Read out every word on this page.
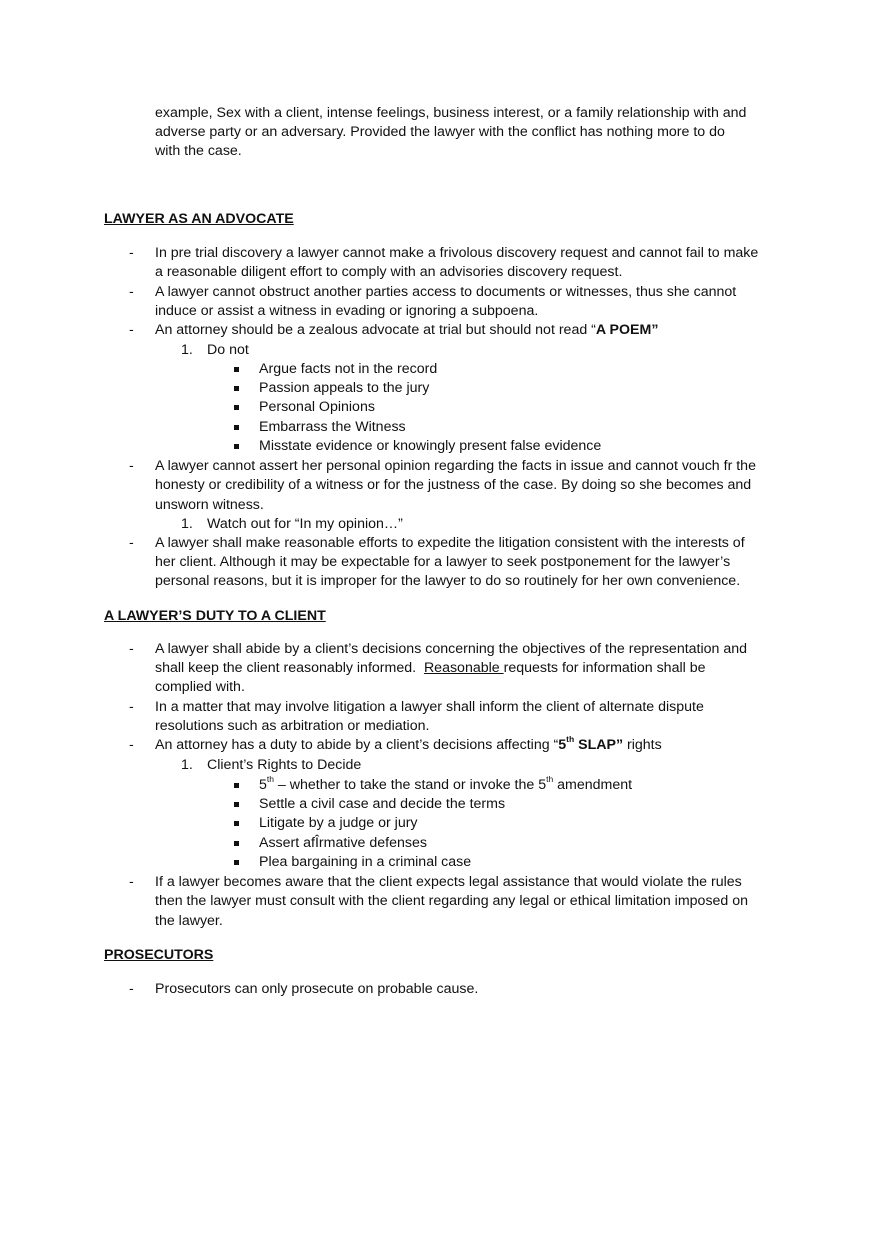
example, Sex with a client, intense feelings, business interest, or a family relationship with and
adverse party or an adversary. Provided the lawyer with the conflict has nothing more to do
with the case.
LAWYER AS AN ADVOCATE
- In pre trial discovery a lawyer cannot make a frivolous discovery request and cannot fail to make
a reasonable diligent effort to comply with an advisories discovery request.
- A lawyer cannot obstruct another parties access to documents or witnesses, thus she cannot
induce or assist a witness in evading or ignoring a subpoena.
- An attorney should be a zealous advocate at trial but should not read “A POEM”
1. Do not
Argue facts not in the record
Passion appeals to the jury
Personal Opinions
Embarrass the Witness
Misstate evidence or knowingly present false evidence
- A lawyer cannot assert her personal opinion regarding the facts in issue and cannot vouch fr the
honesty or credibility of a witness or for the justness of the case. By doing so she becomes and
unsworn witness.
1. Watch out for “In my opinion…”
- A lawyer shall make reasonable efforts to expedite the litigation consistent with the interests of
her client. Although it may be expectable for a lawyer to seek postponement for the lawyer’s
personal reasons, but it is improper for the lawyer to do so routinely for her own convenience.
A LAWYER’S DUTY TO A CLIENT
- A lawyer shall abide by a client’s decisions concerning the objectives of the representation and
shall keep the client reasonably informed.  Reasonable requests for information shall be
complied with.
- In a matter that may involve litigation a lawyer shall inform the client of alternate dispute
resolutions such as arbitration or mediation.
- An attorney has a duty to abide by a client’s decisions affecting “5th SLAP” rights
1. Client’s Rights to Decide
5th – whether to take the stand or invoke the 5th amendment
Settle a civil case and decide the terms
Litigate by a judge or jury
Assert afÎrmative defenses
Plea bargaining in a criminal case
- If a lawyer becomes aware that the client expects legal assistance that would violate the rules
then the lawyer must consult with the client regarding any legal or ethical limitation imposed on
the lawyer.
PROSECUTORS
- Prosecutors can only prosecute on probable cause.
